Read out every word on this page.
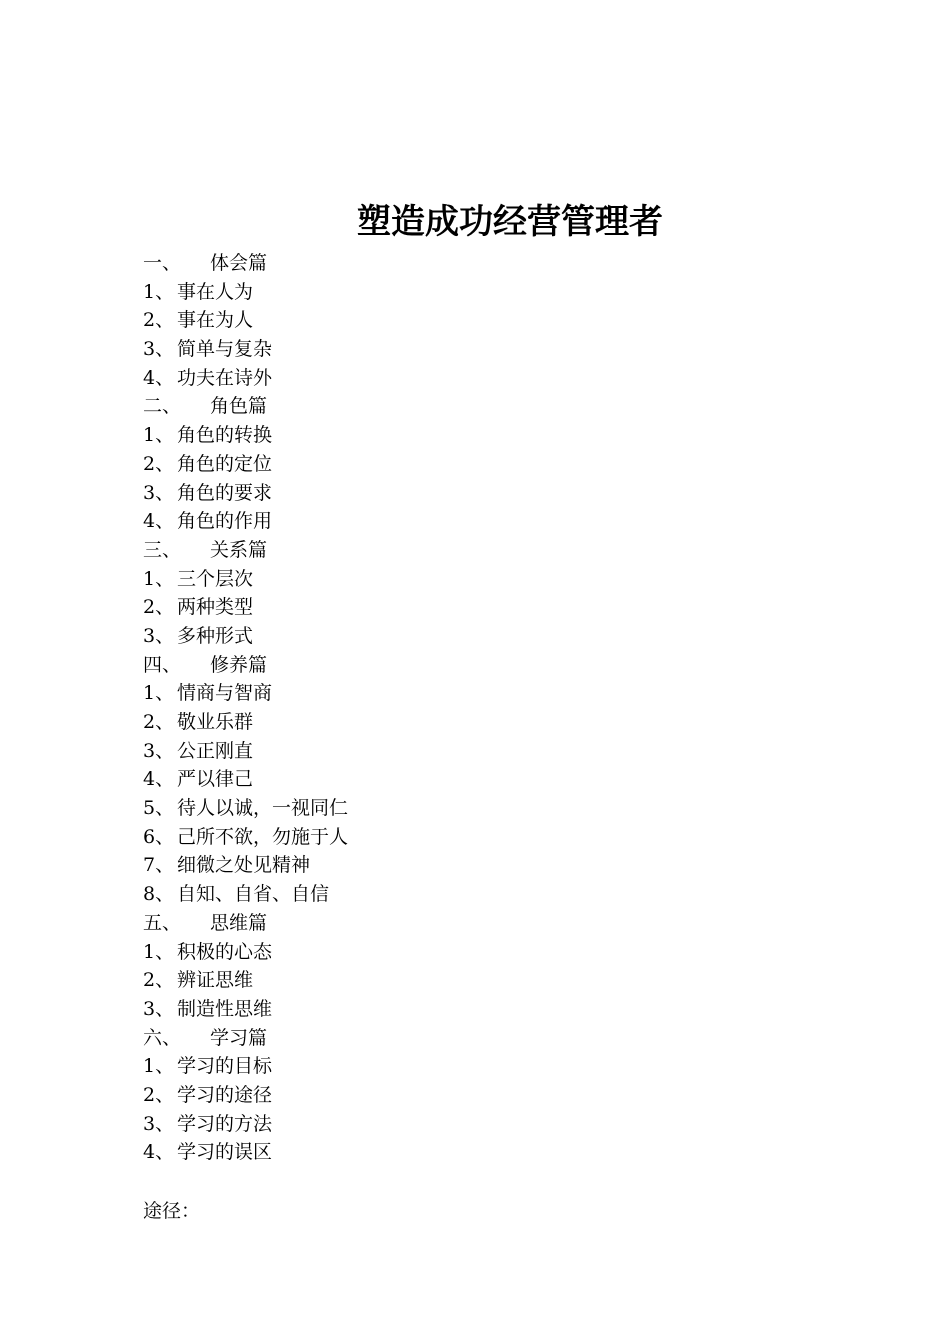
塑造成功经营管理者
一、	体会篇
1、 事在人为
2、 事在为人
3、 简单与复杂
4、 功夫在诗外
二、	角色篇
1、 角色的转换
2、 角色的定位
3、 角色的要求
4、 角色的作用
三、	关系篇
1、 三个层次
2、 两种类型
3、 多种形式
四、	修养篇
1、 情商与智商
2、 敬业乐群
3、 公正刚直
4、 严以律己
5、 待人以诚，一视同仁
6、 己所不欲，勿施于人
7、 细微之处见精神
8、 自知、自省、自信
五、	思维篇
1、 积极的心态
2、 辨证思维
3、 制造性思维
六、	学习篇
1、 学习的目标
2、 学习的途径
3、 学习的方法
4、 学习的误区
途径：
